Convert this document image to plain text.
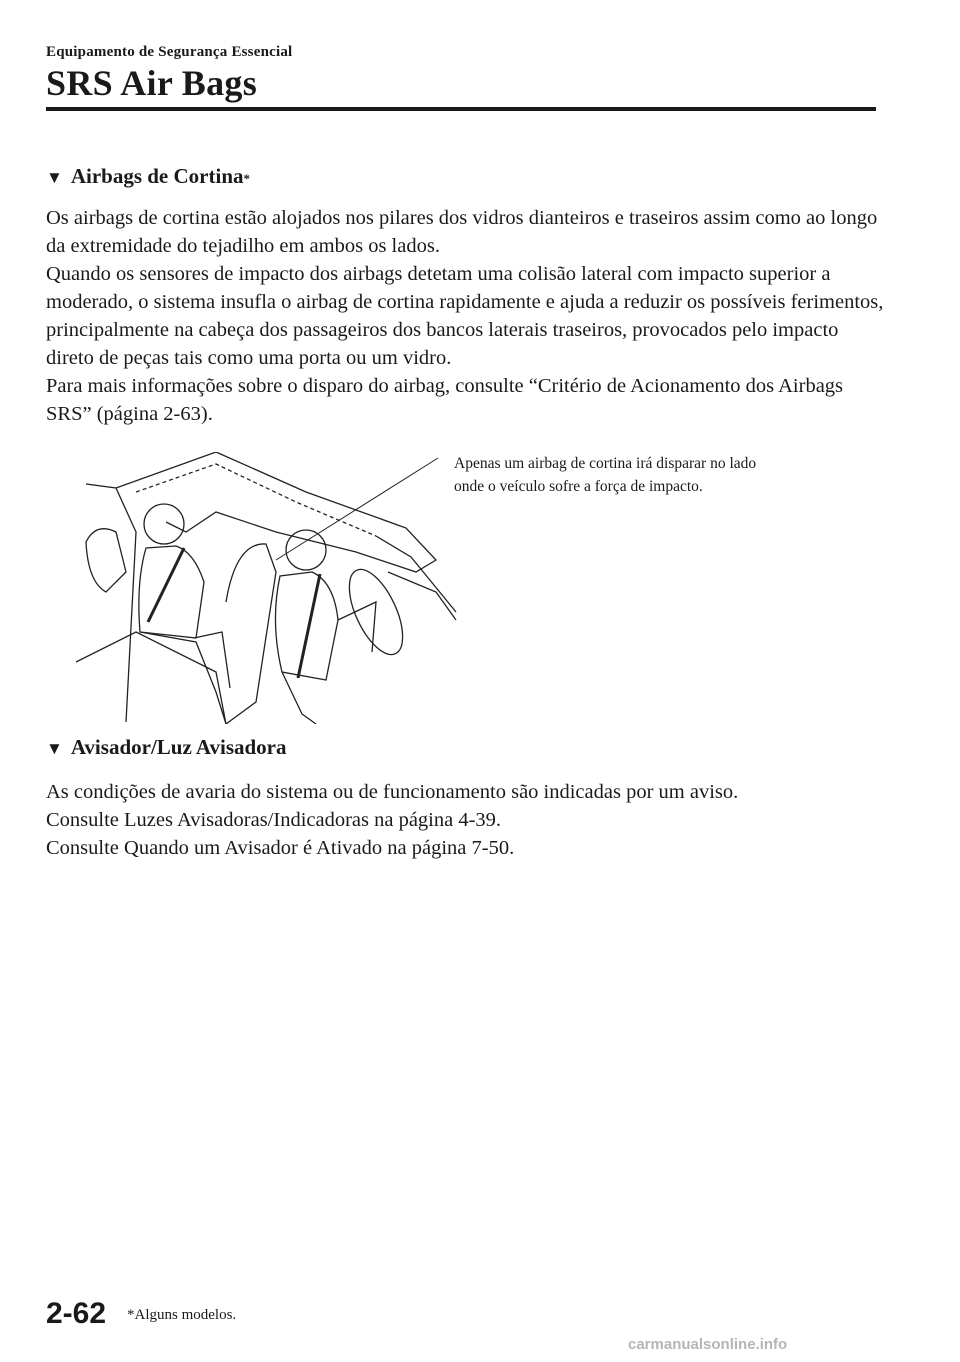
Equipamento de Segurança Essencial
SRS Air Bags
▼ Airbags de Cortina *

Os airbags de cortina estão alojados nos pilares dos vidros dianteiros e traseiros assim como ao longo da extremidade do tejadilho em ambos os lados.

Quando os sensores de impacto dos airbags detetam uma colisão lateral com impacto superior a moderado, o sistema insufla o airbag de cortina rapidamente e ajuda a reduzir os possíveis ferimentos, principalmente na cabeça dos passageiros dos bancos laterais traseiros, provocados pelo impacto direto de peças tais como uma porta ou um vidro.

Para mais informações sobre o disparo do airbag, consulte “Critério de Acionamento dos Airbags SRS” (página 2-63).

Apenas um airbag de cortina irá disparar no lado
onde o veículo sofre a força de impacto.
▼ Avisador/Luz Avisadora

As condições de avaria do sistema ou de funcionamento são indicadas por um aviso.

Consulte Luzes Avisadoras/Indicadoras na página 4-39.

Consulte Quando um Avisador é Ativado na página 7-50.

2-62 *Alguns modelos.
carmanualsonline.info
